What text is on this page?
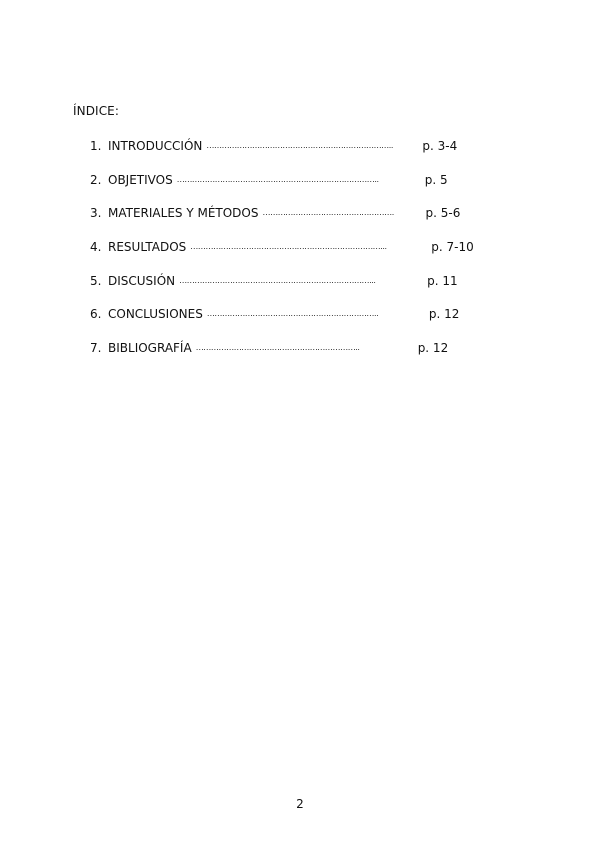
ÍNDICE:
1. INTRODUCCIÓN ………………………………………………………………..	p. 3-4
2. OBJETIVOS ……………………………………………………………………..	p. 5
3. MATERIALES Y MÉTODOS …………………………………………….	p. 5-6
4. RESULTADOS …………………………………………………………………...	p. 7-10
5. DISCUSIÓN …………………………………………………………………...	p. 11
6. CONCLUSIONES …………………………………………………………..	p. 12
7. BIBLIOGRAFÍA ………………………………………………………..	p. 12
2
